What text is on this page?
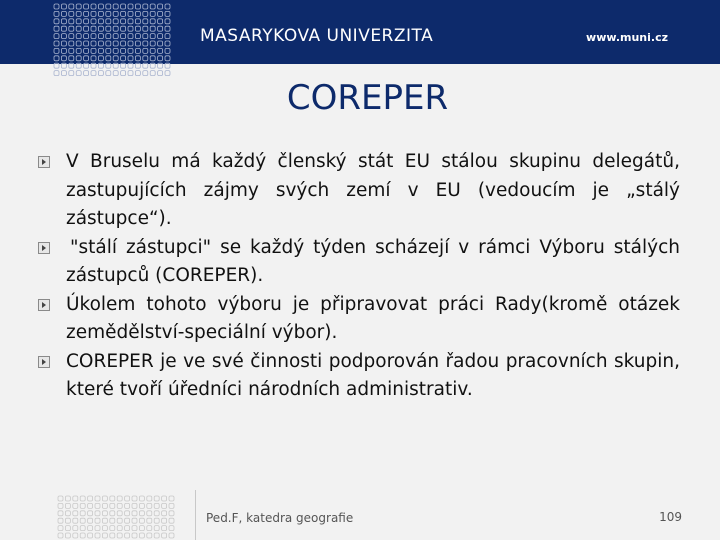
MASARYKOVA UNIVERZITA	www.muni.cz
COREPER
V Bruselu má každý členský stát EU stálou skupinu delegátů, zastupujících zájmy svých zemí v EU (vedoucím je „stálý zástupce“).
"stálí zástupci" se každý týden scházejí v rámci Výboru stálých zástupců (COREPER).
Úkolem tohoto výboru je připravovat práci Rady(kromě otázek zemědělství-speciální výbor).
COREPER je ve své činnosti podporován řadou pracovních skupin, které tvoří úředníci národních administrativ.
Ped.F, katedra geografie	109
